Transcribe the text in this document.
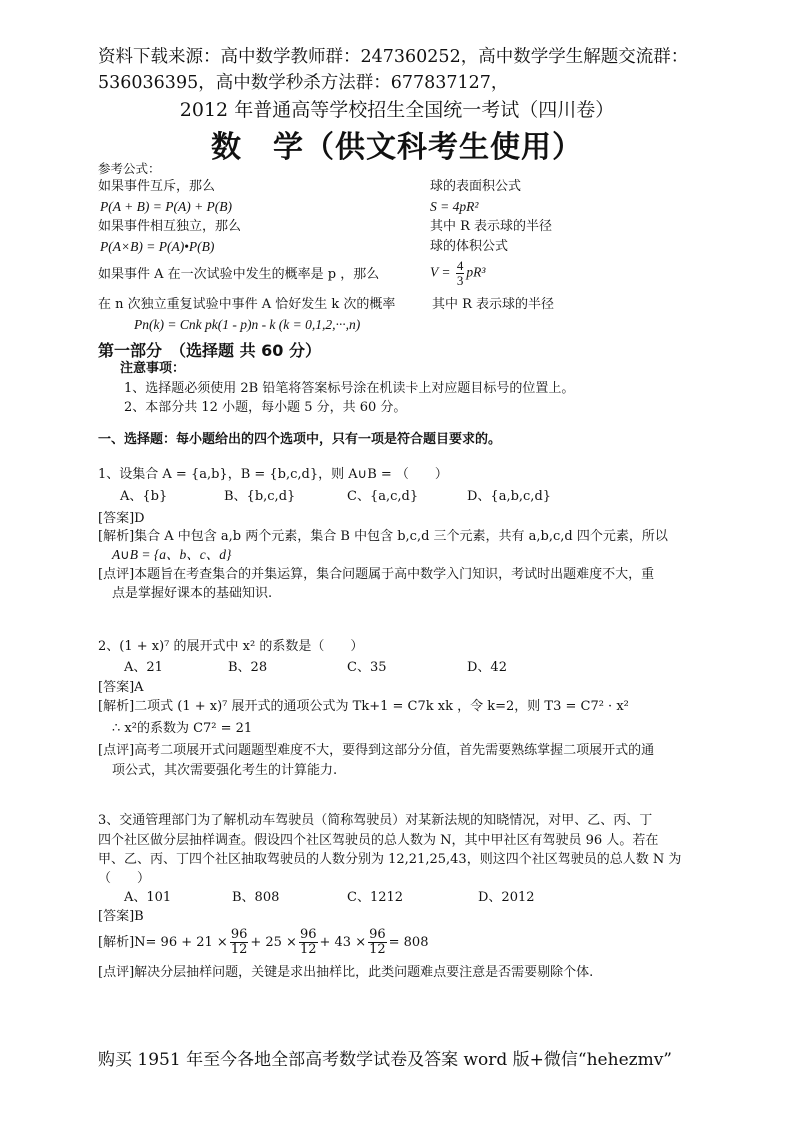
资料下载来源：高中数学教师群：247360252，高中数学学生解题交流群：
536036395，高中数学秒杀方法群：677837127，
2012 年普通高等学校招生全国统一考试（四川卷）
数　学（供文科考生使用）
参考公式：
如果事件互斥，那么
P(A + B) = P(A) + P(B)
如果事件相互独立，那么
P(A×B) = P(A)•P(B)
如果事件 A 在一次试验中发生的概率是 p ，那么
在 n 次独立重复试验中事件 A 恰好发生 k 次的概率
Pn(k) = Cnk pk(1 - p)n - k (k = 0,1,2,···,n)
球的表面积公式
S = 4pR²
其中 R 表示球的半径
球的体积公式
$V = \frac{4}{3} pR^3$
其中 R 表示球的半径
第一部分　（选择题 共 60 分）
注意事项：
1、选择题必须使用 2B 铅笔将答案标号涂在机读卡上对应题目标号的位置上。
2、本部分共 12 小题，每小题 5 分，共 60 分。
一、选择题：每小题给出的四个选项中，只有一项是符合题目要求的。
1、设集合 A = {a,b}，B = {b,c,d}，则 A∪B = （　　）
A、{b}	B、{b,c,d}	C、{a,c,d}	D、{a,b,c,d}
[答案]D
[解析]集合 A 中包含 a,b 两个元素，集合 B 中包含 b,c,d 三个元素，共有 a,b,c,d 四个元素，所以
A∪B = {a、b、c、d}
[点评]本题旨在考查集合的并集运算，集合问题属于高中数学入门知识，考试时出题难度不大，重
点是掌握好课本的基础知识.
2、(1 + x)⁷ 的展开式中 x² 的系数是（　　）
A、21	B、28	C、35	D、42
[答案]A
[解析]二项式 (1 + x)⁷ 展开式的通项公式为 Tk+1 = C7k xk ，令 k=2，则 T3 = C7² · x²
∴ x²的系数为 C7² = 21
[点评]高考二项展开式问题题型难度不大，要得到这部分分值，首先需要熟练掌握二项展开式的通
项公式，其次需要强化考生的计算能力.
3、交通管理部门为了解机动车驾驶员（简称驾驶员）对某新法规的知晓情况，对甲、乙、丙、丁
四个社区做分层抽样调查。假设四个社区驾驶员的总人数为 N，其中甲社区有驾驶员 96 人。若在
甲、乙、丙、丁四个社区抽取驾驶员的人数分别为 12,21,25,43，则这四个社区驾驶员的总人数 N 为
（　　）
A、101	B、808	C、1212	D、2012
[答案]B
[解析]$N= 96 + 21 \times \frac{96}{12} + 25 \times \frac{96}{12} + 43 \times \frac{96}{12} = 808$
[点评]解决分层抽样问题，关键是求出抽样比，此类问题难点要注意是否需要剔除个体.
购买 1951 年至今各地全部高考数学试卷及答案 word 版+微信“hehezmv”
